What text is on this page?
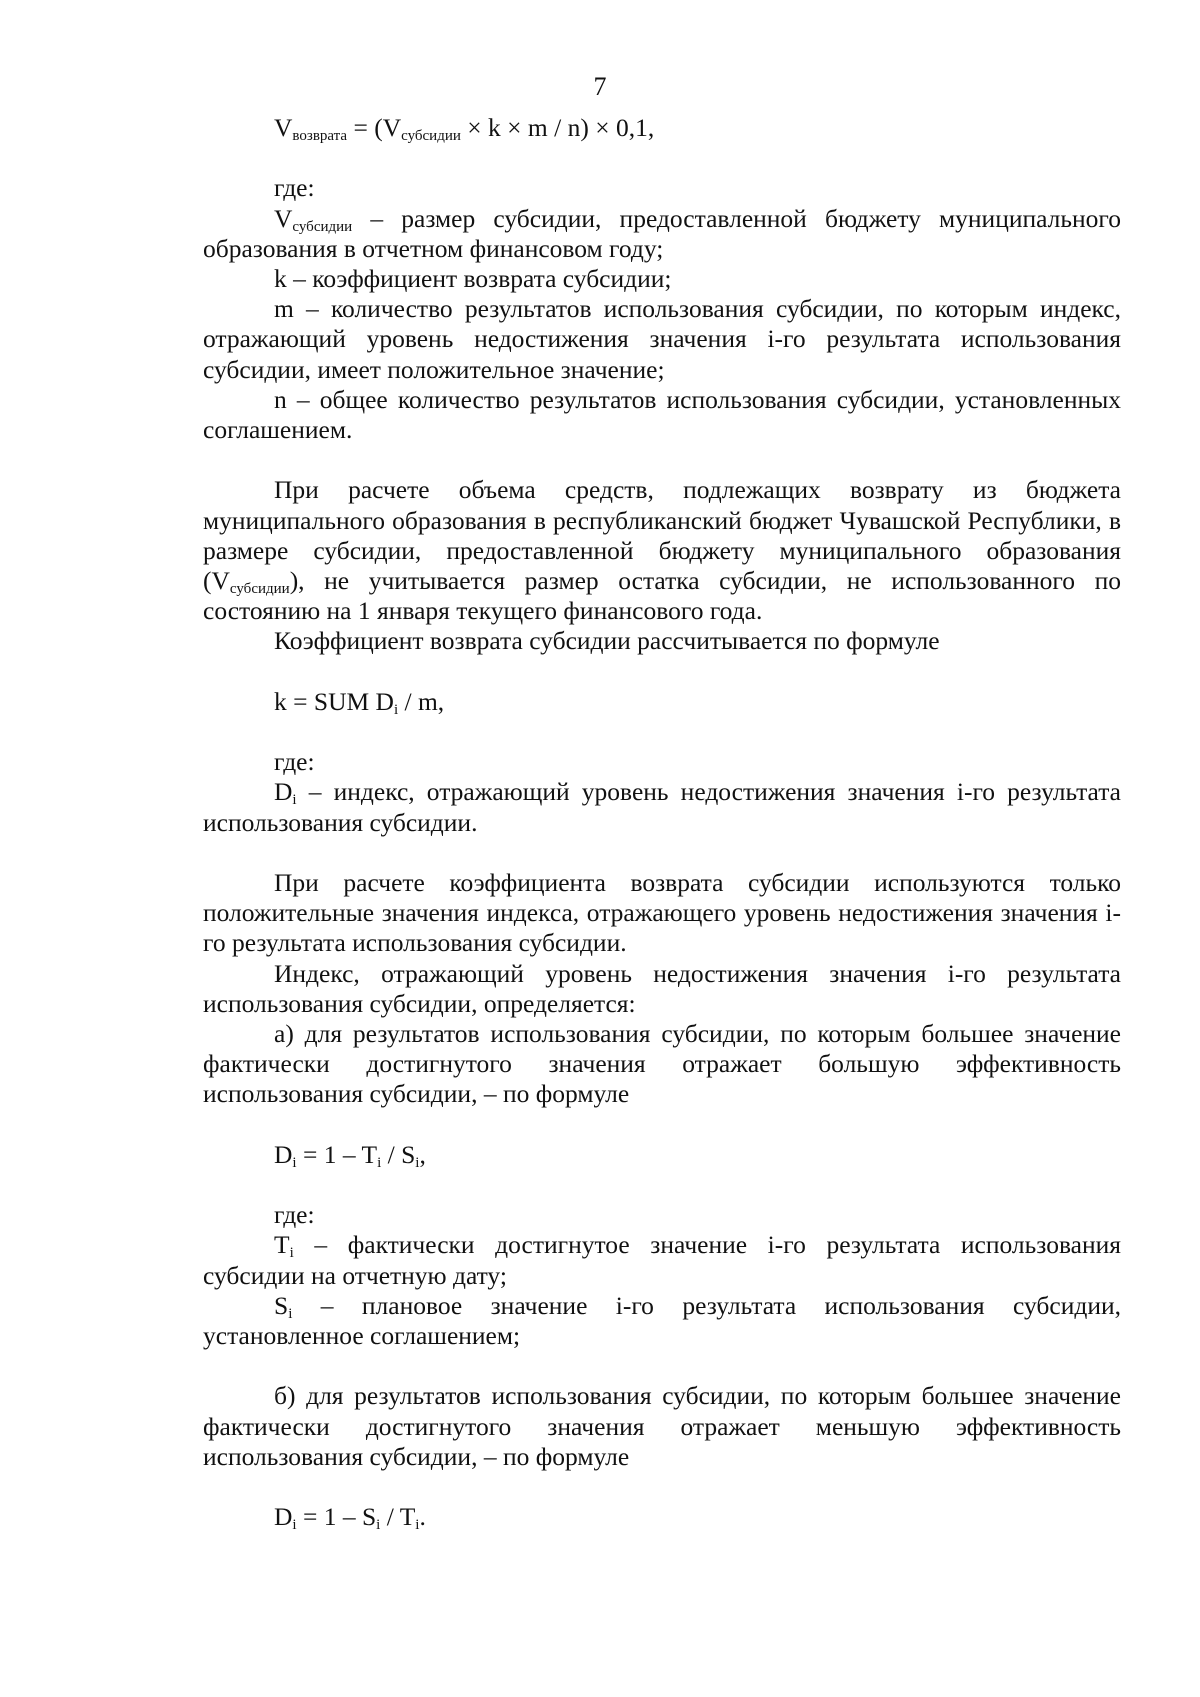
7

$V_{возврата} = (V_{субсидии} \times k \times m / n) \times 0,1$,

где:

$V_{субсидии}$ – размер субсидии, предоставленной бюджету муниципального образования в отчетном финансовом году;

k – коэффициент возврата субсидии;

m – количество результатов использования субсидии, по которым индекс, отражающий уровень недостижения значения i-го результата использования субсидии, имеет положительное значение;

n – общее количество результатов использования субсидии, установленных соглашением.

При расчете объема средств, подлежащих возврату из бюджета муниципального образования в республиканский бюджет Чувашской Республики, в размере субсидии, предоставленной бюджету муниципального образования $(V_{субсидии})$, не учитывается размер остатка субсидии, не использованного по состоянию на 1 января текущего финансового года.

Коэффициент возврата субсидии рассчитывается по формуле

k = SUM $D_i$ / m,

где:

$D_i$ – индекс, отражающий уровень недостижения значения i-го результата использования субсидии.

При расчете коэффициента возврата субсидии используются только положительные значения индекса, отражающего уровень недостижения значения i-го результата использования субсидии.

Индекс, отражающий уровень недостижения значения i-го результата использования субсидии, определяется:

а) для результатов использования субсидии, по которым большее значение фактически достигнутого значения отражает большую эффективность использования субсидии, – по формуле

$D_i = 1 - T_i / S_i$,

где:

$T_i$ – фактически достигнутое значение i-го результата использования субсидии на отчетную дату;

$S_i$ – плановое значение i-го результата использования субсидии, установленное соглашением;

б) для результатов использования субсидии, по которым большее значение фактически достигнутого значения отражает меньшую эффективность использования субсидии, – по формуле

$D_i = 1 - S_i / T_i$.
